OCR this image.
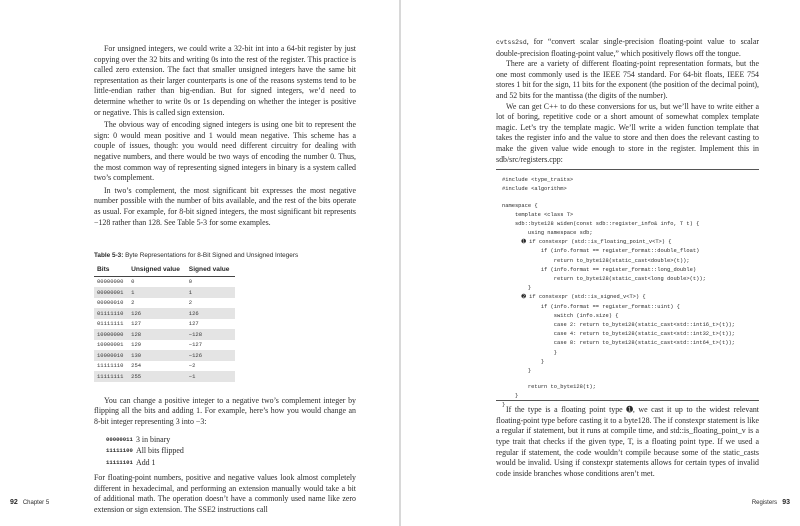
For unsigned integers, we could write a 32-bit int into a 64-bit register by just copying over the 32 bits and writing 0s into the rest of the register. This practice is called zero extension. The fact that smaller unsigned integers have the same bit representation as their larger counterparts is one of the reasons systems tend to be little-endian rather than big-endian. But for signed integers, we’d need to determine whether to write 0s or 1s depending on whether the integer is positive or negative. This is called sign extension.

The obvious way of encoding signed integers is using one bit to represent the sign: 0 would mean positive and 1 would mean negative. This scheme has a couple of issues, though: you would need different circuitry for dealing with negative numbers, and there would be two ways of encoding the number 0. Thus, the most common way of representing signed integers in binary is a system called two’s complement.

In two’s complement, the most significant bit expresses the most negative number possible with the number of bits available, and the rest of the bits operate as usual. For example, for 8-bit signed integers, the most significant bit represents −128 rather than 128. See Table 5-3 for some examples.

Table 5-3: Byte Representations for 8-Bit Signed and Unsigned Integers
Bits	Unsigned value	Signed value
00000000	0	0
00000001	1	1
00000010	2	2
01111110	126	126
01111111	127	127
10000000	128	−128
10000001	129	−127
10000010	130	−126
11111110	254	−2
11111111	255	−1

You can change a positive integer to a negative two’s complement integer by flipping all the bits and adding 1. For example, here’s how you would change an 8-bit integer representing 3 into −3:

00000011 3 in binary
11111100 All bits flipped
11111101 Add 1

For floating-point numbers, positive and negative values look almost completely different in hexadecimal, and performing an extension manually would take a bit of additional math. The operation doesn’t have a commonly used name like zero extension or sign extension. The SSE2 instructions call

92 Chapter 5

cvtss2sd, for “convert scalar single-precision floating-point value to scalar double-precision floating-point value,” which positively flows off the tongue.

There are a variety of different floating-point representation formats, but the one most commonly used is the IEEE 754 standard. For 64-bit floats, IEEE 754 stores 1 bit for the sign, 11 bits for the exponent (the position of the decimal point), and 52 bits for the mantissa (the digits of the number).

We can get C++ to do these conversions for us, but we’ll have to write either a lot of boring, repetitive code or a short amount of somewhat complex template magic. Let’s try the template magic. We’ll write a widen function template that takes the register info and the value to store and then does the relevant casting to make the given value wide enough to store in the register. Implement this in sdb/src/registers.cpp:

#include <type_traits>
#include <algorithm>
namespace {
template <class T>
sdb::byte128 widen(const sdb::register_info& info, T t) {
using namespace sdb;
➊ if constexpr (std::is_floating_point_v<T>) {
if (info.format == register_format::double_float)
return to_byte128(static_cast<double>(t));
if (info.format == register_format::long_double)
return to_byte128(static_cast<long double>(t));
}
➋ if constexpr (std::is_signed_v<T>) {
if (info.format == register_format::uint) {
switch (info.size) {
case 2: return to_byte128(static_cast<std::int16_t>(t));
case 4: return to_byte128(static_cast<std::int32_t>(t));
case 8: return to_byte128(static_cast<std::int64_t>(t));
}
}
}
return to_byte128(t);
}
} If the type is a floating point type ➊, we cast it up to the widest relevant floating-point type before casting it to a byte128. The if constexpr statement is like a regular if statement, but it runs at compile time, and std::is_floating_point_v is a type trait that checks if the given type, T, is a floating point type. If we used a regular if statement, the code wouldn’t compile because some of the static_casts would be invalid. Using if constexpr statements allows for certain types of invalid code inside branches whose conditions aren’t met.

Registers 93
